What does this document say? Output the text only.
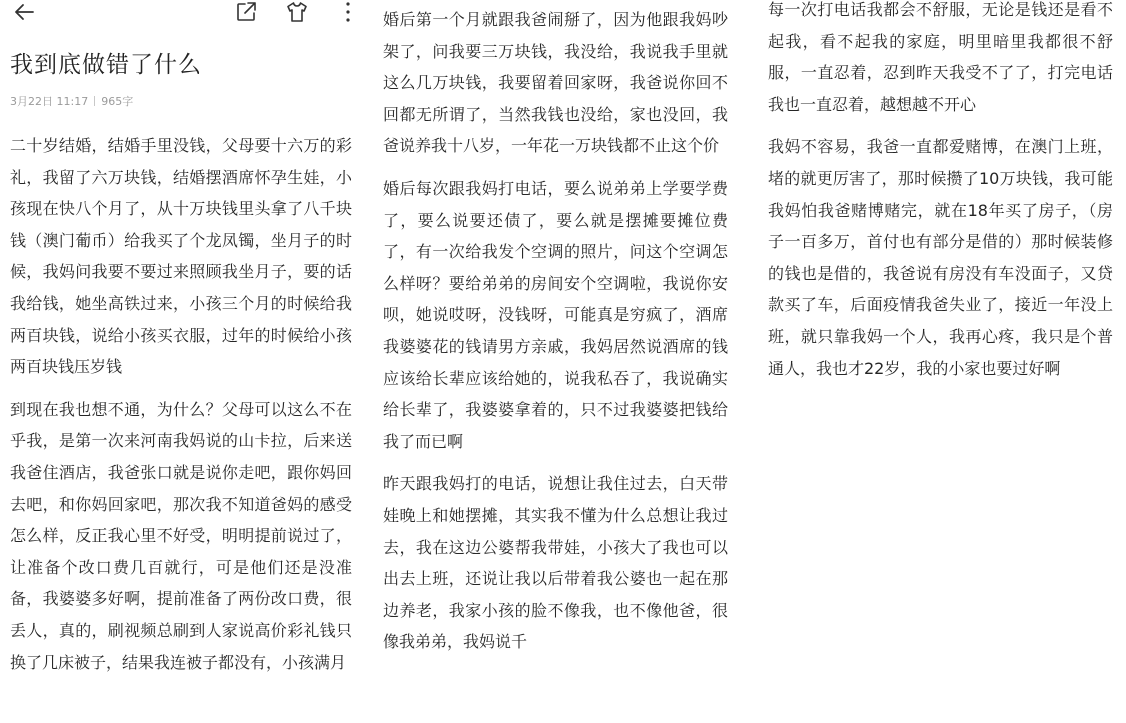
我到底做错了什么
3月22日 11:17 965字

二十岁结婚，结婚手里没钱，父母要十六万的彩礼，我留了六万块钱，结婚摆酒席怀孕生娃，小孩现在快八个月了，从十万块钱里头拿了八千块钱（澳门葡币）给我买了个龙凤镯，坐月子的时候，我妈问我要不要过来照顾我坐月子，要的话我给钱，她坐高铁过来，小孩三个月的时候给我两百块钱，说给小孩买衣服，过年的时候给小孩两百块钱压岁钱

到现在我也想不通，为什么？父母可以这么不在乎我，是第一次来河南我妈说的山卡拉，后来送我爸住酒店，我爸张口就是说你走吧，跟你妈回去吧，和你妈回家吧，那次我不知道爸妈的感受怎么样，反正我心里不好受，明明提前说过了，让准备个改口费几百就行，可是他们还是没准备，我婆婆多好啊，提前准备了两份改口费，很丢人，真的，刷视频总刷到人家说高价彩礼钱只换了几床被子，结果我连被子都没有，小孩满月

婚后第一个月就跟我爸闹掰了，因为他跟我妈吵架了，问我要三万块钱，我没给，我说我手里就这么几万块钱，我要留着回家呀，我爸说你回不回都无所谓了，当然我钱也没给，家也没回，我爸说养我十八岁，一年花一万块钱都不止这个价

婚后每次跟我妈打电话，要么说弟弟上学要学费了，要么说要还债了，要么就是摆摊要摊位费了，有一次给我发个空调的照片，问这个空调怎么样呀？要给弟弟的房间安个空调啦，我说你安呗，她说哎呀，没钱呀，可能真是穷疯了，酒席我婆婆花的钱请男方亲戚，我妈居然说酒席的钱应该给长辈应该给她的，说我私吞了，我说确实给长辈了，我婆婆拿着的，只不过我婆婆把钱给我了而已啊

昨天跟我妈打的电话，说想让我住过去，白天带娃晚上和她摆摊，其实我不懂为什么总想让我过去，我在这边公婆帮我带娃，小孩大了我也可以出去上班，还说让我以后带着我公婆也一起在那边养老，我家小孩的脸不像我，也不像他爸，很像我弟弟，我妈说千

每一次打电话我都会不舒服，无论是钱还是看不起我，看不起我的家庭，明里暗里我都很不舒服，一直忍着，忍到昨天我受不了了，打完电话我也一直忍着，越想越不开心

我妈不容易，我爸一直都爱赌博，在澳门上班，堵的就更厉害了，那时候攒了10万块钱，我可能我妈怕我爸赌博赌完，就在18年买了房子，（房子一百多万，首付也有部分是借的）那时候装修的钱也是借的，我爸说有房没有车没面子，又贷款买了车，后面疫情我爸失业了，接近一年没上班，就只靠我妈一个人，我再心疼，我只是个普通人，我也才22岁，我的小家也要过好啊
